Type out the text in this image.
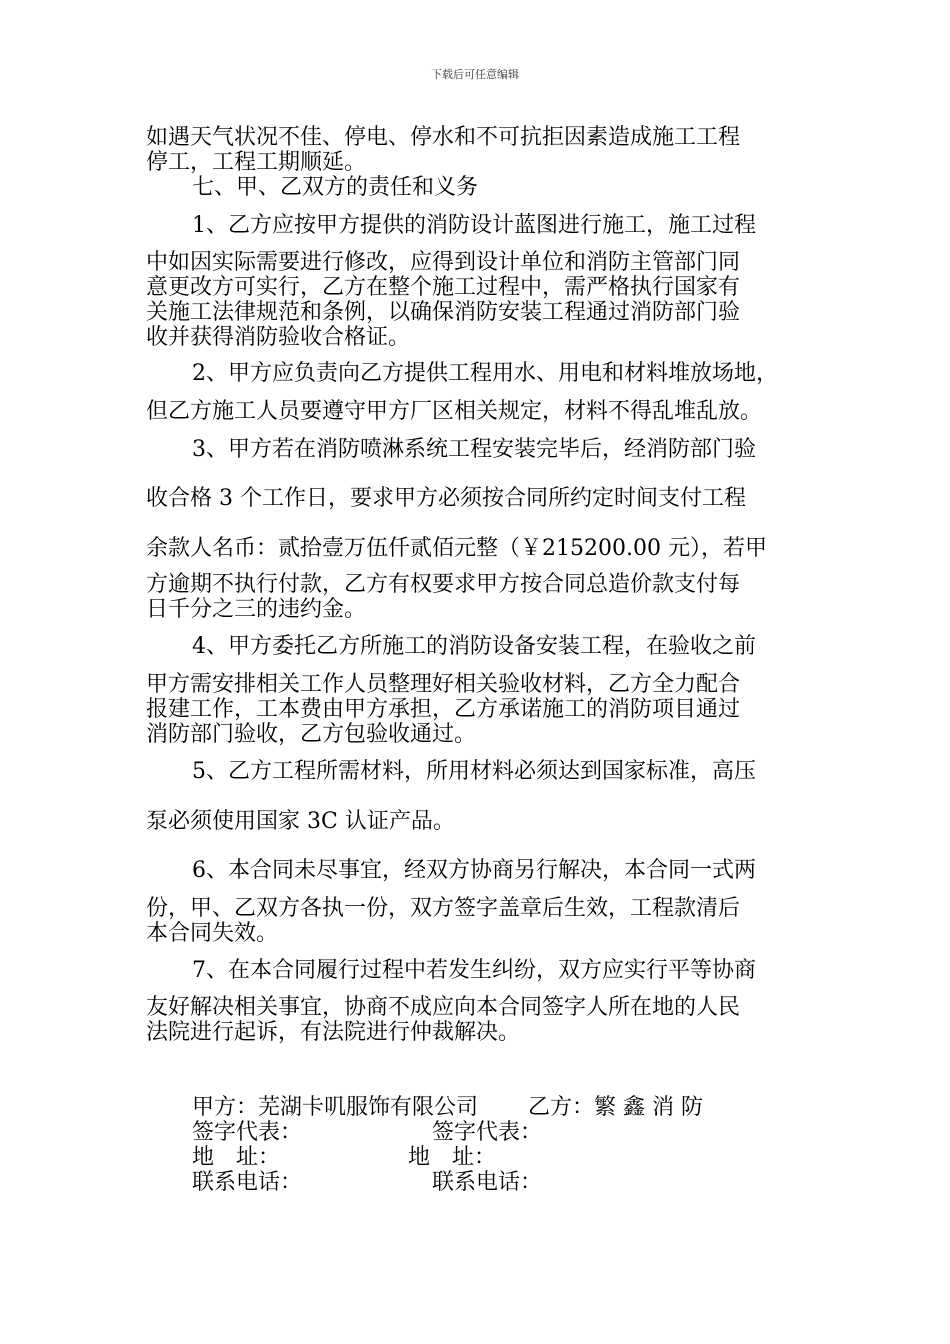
下载后可任意编辑
如遇天气状况不佳、停电、停水和不可抗拒因素造成施工工程
停工，工程工期顺延。
七、甲、乙双方的责任和义务
1、乙方应按甲方提供的消防设计蓝图进行施工，施工过程
中如因实际需要进行修改，应得到设计单位和消防主管部门同
意更改方可实行，乙方在整个施工过程中，需严格执行国家有
关施工法律规范和条例，以确保消防安装工程通过消防部门验
收并获得消防验收合格证。
2、甲方应负责向乙方提供工程用水、用电和材料堆放场地，
但乙方施工人员要遵守甲方厂区相关规定，材料不得乱堆乱放。
3、甲方若在消防喷淋系统工程安装完毕后，经消防部门验
收合格 3 个工作日，要求甲方必须按合同所约定时间支付工程
余款人名币：贰拾壹万伍仟贰佰元整（￥215200.00 元），若甲
方逾期不执行付款，乙方有权要求甲方按合同总造价款支付每
日千分之三的违约金。
4、甲方委托乙方所施工的消防设备安装工程，在验收之前
甲方需安排相关工作人员整理好相关验收材料，乙方全力配合
报建工作，工本费由甲方承担，乙方承诺施工的消防项目通过
消防部门验收，乙方包验收通过。
5、乙方工程所需材料，所用材料必须达到国家标准，高压
泵必须使用国家 3C 认证产品。
6、本合同未尽事宜，经双方协商另行解决，本合同一式两
份，甲、乙双方各执一份，双方签字盖章后生效，工程款清后
本合同失效。
7、在本合同履行过程中若发生纠纷，双方应实行平等协商
友好解决相关事宜，协商不成应向本合同签字人所在地的人民
法院进行起诉，有法院进行仲裁解决。
甲方：芜湖卡叽服饰有限公司 乙方：繁 鑫 消 防
签字代表：	签字代表：
地　址：	地　址：
联系电话：	联系电话：
